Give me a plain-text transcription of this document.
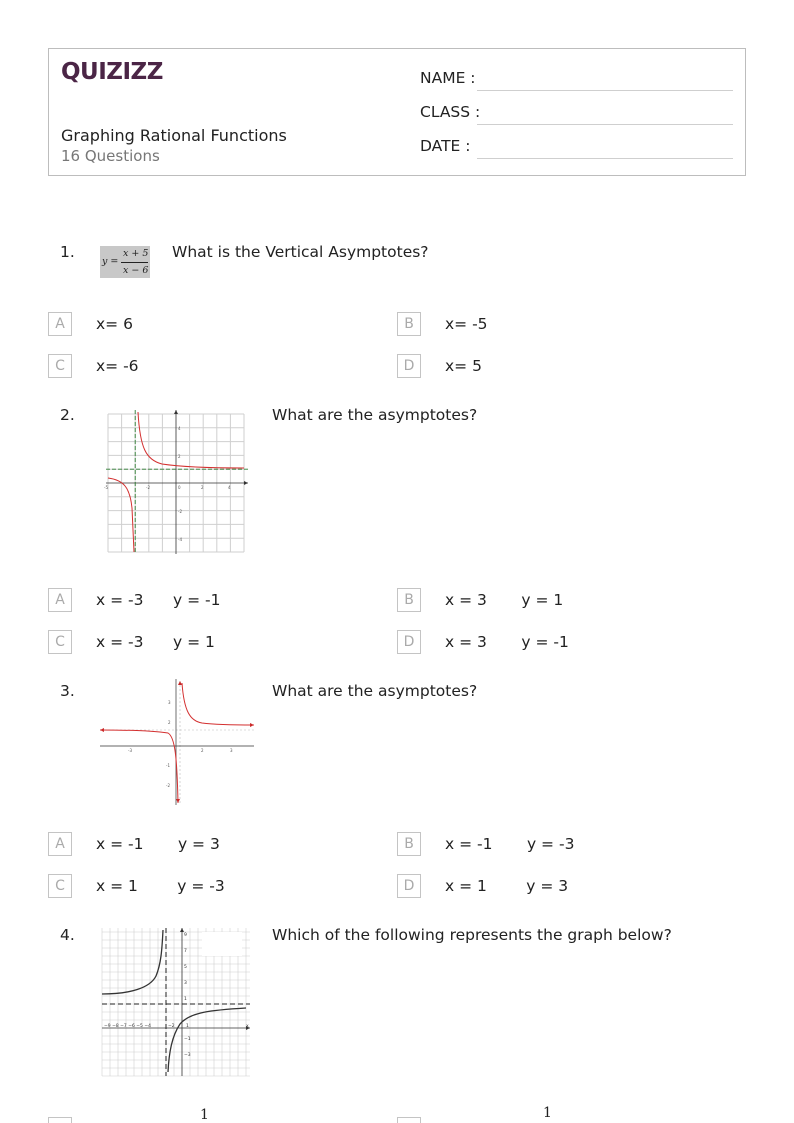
QUIZIZZ
Graphing Rational Functions
16 Questions
NAME :
CLASS :
DATE :
1.
y =
x + 5
x − 6
What is the Vertical Asymptotes?
A	x= 6	B	x= -5
C	x= -6	D	x= 5
2.
-5	-2	0	2	4
4
2
-2
-4
What are the asymptotes?
A	x = -3      y = -1	B	x = 3       y = 1
C	x = -3      y = 1	D	x = 3       y = -1
3.
-3	2	3
3
2
-1
-2
What are the asymptotes?
A	x = -1       y = 3	B	x = -1       y = -3
C	x = 1        y = -3	D	x = 1        y = 3
4.
−9 −8 −7 −6 −5 −4	−2	1	x
9
7
5
3
1
−1
−3
Which of the following represents the graph below?
1	1
